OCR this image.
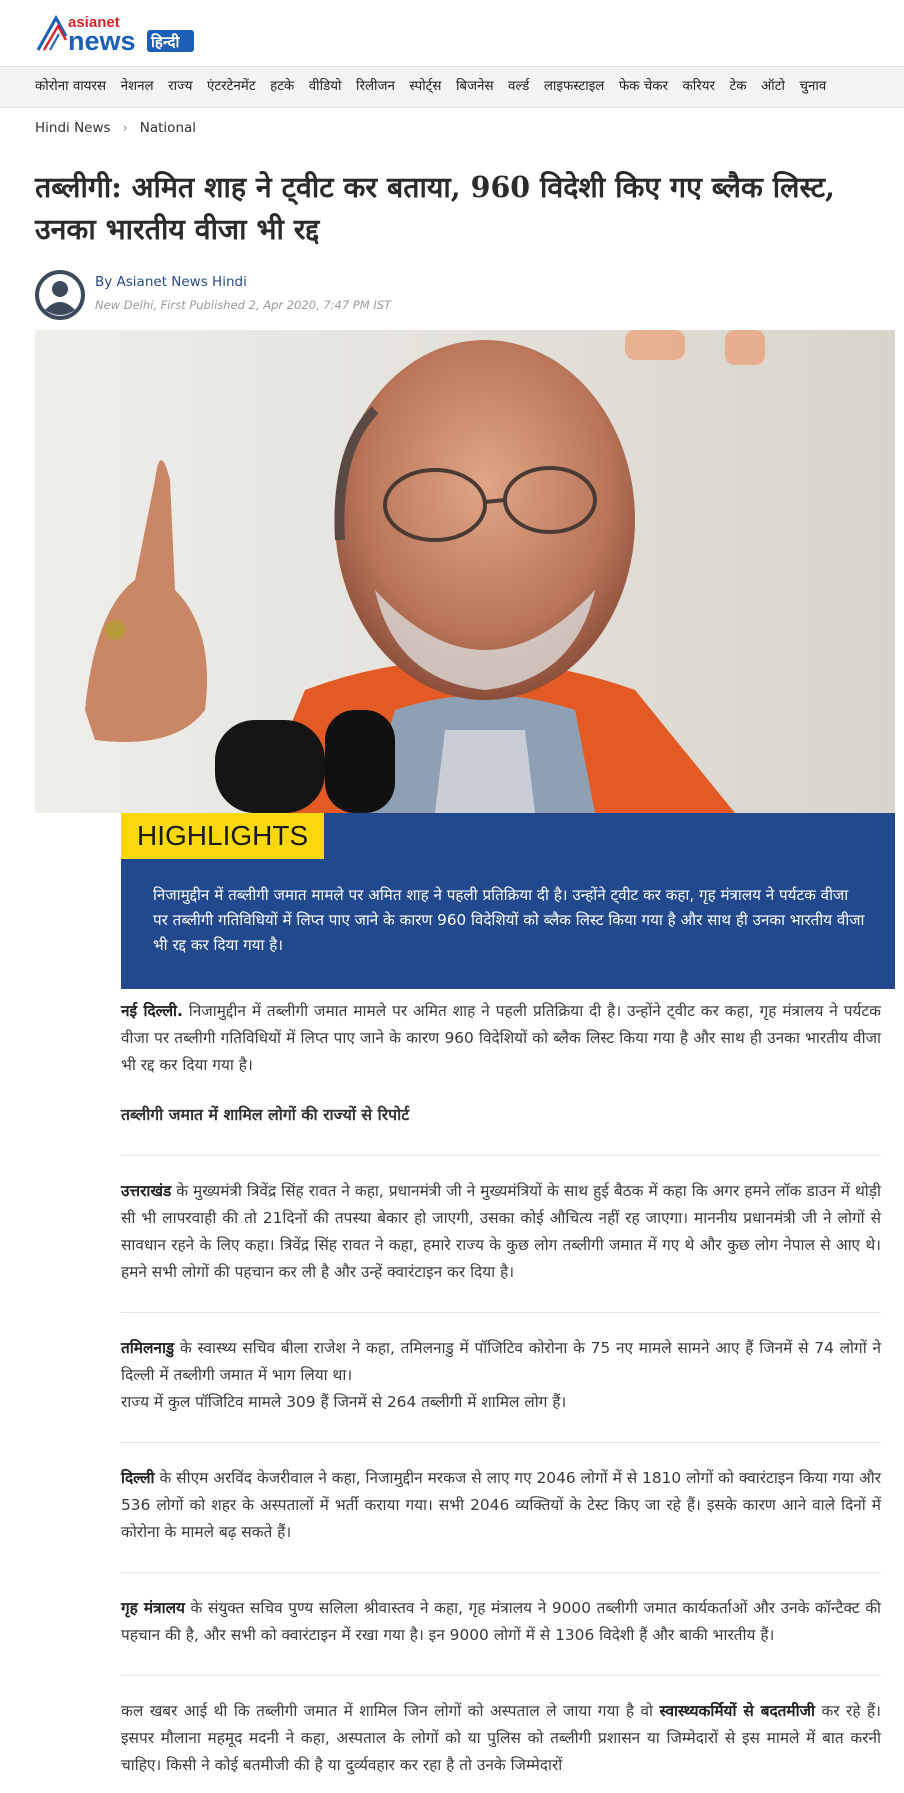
asianet
news हिन्दी
कोरोना वायरस नेशनल राज्य एंटरटेनमेंट हटके वीडियो रिलीजन स्पोर्ट्स बिजनेस वर्ल्ड लाइफस्टाइल फेक चेकर करियर टेक ऑटो चुनाव
Hindi News › National
तब्लीगी: अमित शाह ने ट्वीट कर बताया, 960 विदेशी किए गए ब्लैक लिस्ट, उनका भारतीय वीजा भी रद्द
By Asianet News Hindi
New Delhi, First Published 2, Apr 2020, 7:47 PM IST
HIGHLIGHTS

निजामुद्दीन में तब्लीगी जमात मामले पर अमित शाह ने पहली प्रतिक्रिया दी है। उन्होंने ट्वीट कर कहा, गृह मंत्रालय ने पर्यटक वीजा पर तब्लीगी गतिविधियों में लिप्त पाए जाने के कारण 960 विदेशियों को ब्लैक लिस्ट किया गया है और साथ ही उनका भारतीय वीजा भी रद्द कर दिया गया है।

नई दिल्ली. निजामुद्दीन में तब्लीगी जमात मामले पर अमित शाह ने पहली प्रतिक्रिया दी है। उन्होंने ट्वीट कर कहा, गृह मंत्रालय ने पर्यटक वीजा पर तब्लीगी गतिविधियों में लिप्त पाए जाने के कारण 960 विदेशियों को ब्लैक लिस्ट किया गया है और साथ ही उनका भारतीय वीजा भी रद्द कर दिया गया है।

तब्लीगी जमात में शामिल लोगों की राज्यों से रिपोर्ट

उत्तराखंड के मुख्यमंत्री त्रिवेंद्र सिंह रावत ने कहा, प्रधानमंत्री जी ने मुख्यमंत्रियों के साथ हुई बैठक में कहा कि अगर हमने लॉक डाउन में थोड़ी सी भी लापरवाही की तो 21दिनों की तपस्या बेकार हो जाएगी, उसका कोई औचित्य नहीं रह जाएगा। माननीय प्रधानमंत्री जी ने लोगों से सावधान रहने के लिए कहा। त्रिवेंद्र सिंह रावत ने कहा, हमारे राज्य के कुछ लोग तब्लीगी जमात में गए थे और कुछ लोग नेपाल से आए थे। हमने सभी लोगों की पहचान कर ली है और उन्हें क्वारंटाइन कर दिया है।

तमिलनाडु के स्वास्थ्य सचिव बीला राजेश ने कहा, तमिलनाडु में पॉजिटिव कोरोना के 75 नए मामले सामने आए हैं जिनमें से 74 लोगों ने दिल्ली में तब्लीगी जमात में भाग लिया था।
राज्य में कुल पॉजिटिव मामले 309 हैं जिनमें से 264 तब्लीगी में शामिल लोग हैं।

दिल्ली के सीएम अरविंद केजरीवाल ने कहा, निजामुद्दीन मरकज से लाए गए 2046 लोगों में से 1810 लोगों को क्वारंटाइन किया गया और 536 लोगों को शहर के अस्पतालों में भर्ती कराया गया। सभी 2046 व्यक्तियों के टेस्ट किए जा रहे हैं। इसके कारण आने वाले दिनों में कोरोना के मामले बढ़ सकते हैं।

गृह मंत्रालय के संयुक्त सचिव पुण्य सलिला श्रीवास्तव ने कहा, गृह मंत्रालय ने 9000 तब्लीगी जमात कार्यकर्ताओं और उनके कॉन्टैक्ट की पहचान की है, और सभी को क्वारंटाइन में रखा गया है। इन 9000 लोगों में से 1306 विदेशी हैं और बाकी भारतीय हैं।

कल खबर आई थी कि तब्लीगी जमात में शामिल जिन लोगों को अस्पताल ले जाया गया है वो स्वास्थ्यकर्मियों से बदतमीजी कर रहे हैं। इसपर मौलाना महमूद मदनी ने कहा, अस्पताल के लोगों को या पुलिस को तब्लीगी प्रशासन या जिम्मेदारों से इस मामले में बात करनी चाहिए। किसी ने कोई बतमीजी की है या दुर्व्यवहार कर रहा है तो उनके जिम्मेदारों
